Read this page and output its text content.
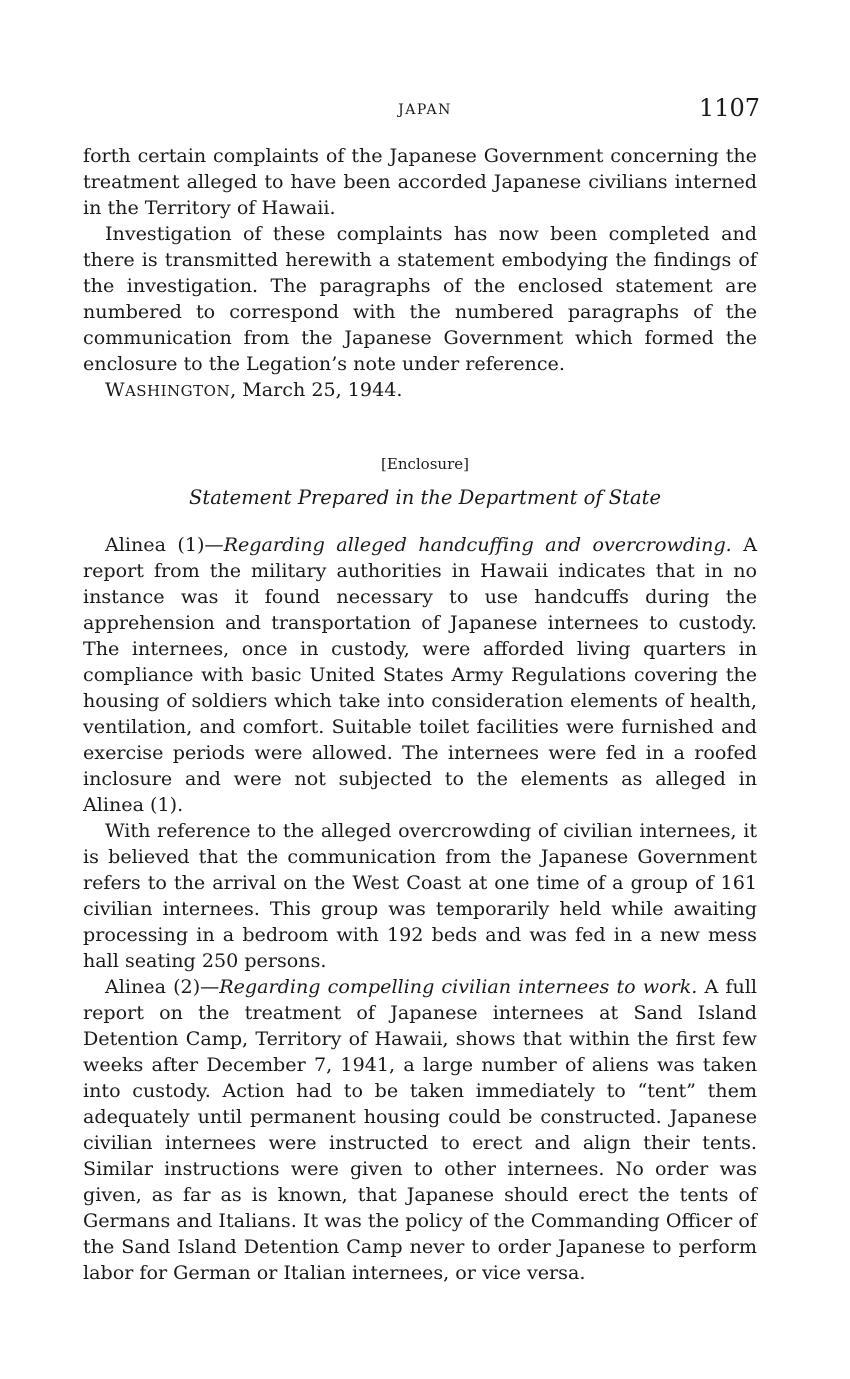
JAPAN	1107

forth certain complaints of the Japanese Government concerning the treatment alleged to have been accorded Japanese civilians interned in the Territory of Hawaii.

Investigation of these complaints has now been completed and there is transmitted herewith a statement embodying the findings of the investigation. The paragraphs of the enclosed statement are numbered to correspond with the numbered paragraphs of the communication from the Japanese Government which formed the enclosure to the Legation’s note under reference.

WASHINGTON, March 25, 1944.

[Enclosure]
Statement Prepared in the Department of State

Alinea (1)—Regarding alleged handcuffing and overcrowding. A report from the military authorities in Hawaii indicates that in no instance was it found necessary to use handcuffs during the apprehension and transportation of Japanese internees to custody. The internees, once in custody, were afforded living quarters in compliance with basic United States Army Regulations covering the housing of soldiers which take into consideration elements of health, ventilation, and comfort. Suitable toilet facilities were furnished and exercise periods were allowed. The internees were fed in a roofed inclosure and were not subjected to the elements as alleged in Alinea (1).

With reference to the alleged overcrowding of civilian internees, it is believed that the communication from the Japanese Government refers to the arrival on the West Coast at one time of a group of 161 civilian internees. This group was temporarily held while awaiting processing in a bedroom with 192 beds and was fed in a new mess hall seating 250 persons.

Alinea (2)—Regarding compelling civilian internees to work. A full report on the treatment of Japanese internees at Sand Island Detention Camp, Territory of Hawaii, shows that within the first few weeks after December 7, 1941, a large number of aliens was taken into custody. Action had to be taken immediately to “tent” them adequately until permanent housing could be constructed. Japanese civilian internees were instructed to erect and align their tents. Similar instructions were given to other internees. No order was given, as far as is known, that Japanese should erect the tents of Germans and Italians. It was the policy of the Commanding Officer of the Sand Island Detention Camp never to order Japanese to perform labor for German or Italian internees, or vice versa.
